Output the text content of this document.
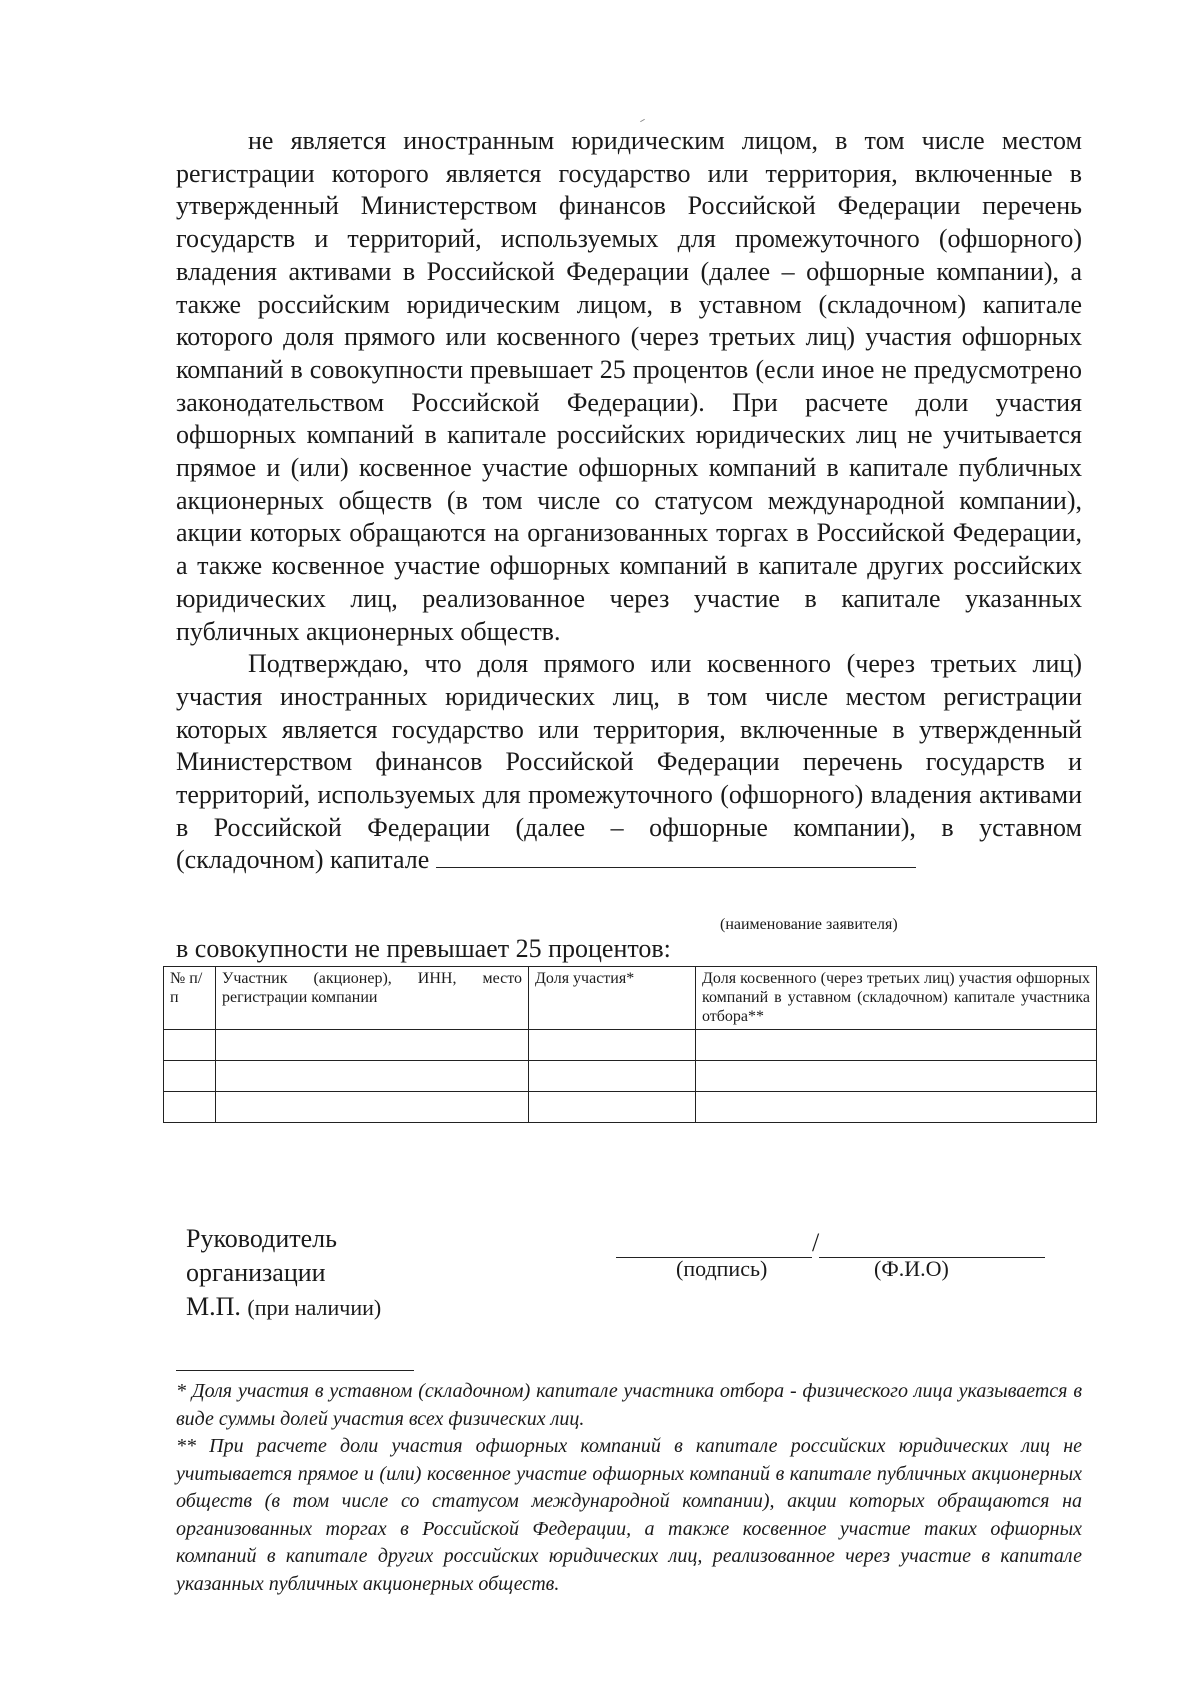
не является иностранным юридическим лицом, в том числе местом регистрации которого является государство или территория, включенные в утвержденный Министерством финансов Российской Федерации перечень государств и территорий, используемых для промежуточного (офшорного) владения активами в Российской Федерации (далее – офшорные компании), а также российским юридическим лицом, в уставном (складочном) капитале которого доля прямого или косвенного (через третьих лиц) участия офшорных компаний в совокупности превышает 25 процентов (если иное не предусмотрено законодательством Российской Федерации). При расчете доли участия офшорных компаний в капитале российских юридических лиц не учитывается прямое и (или) косвенное участие офшорных компаний в капитале публичных акционерных обществ (в том числе со статусом международной компании), акции которых обращаются на организованных торгах в Российской Федерации, а также косвенное участие офшорных компаний в капитале других российских юридических лиц, реализованное через участие в капитале указанных публичных акционерных обществ.

Подтверждаю, что доля прямого или косвенного (через третьих лиц) участия иностранных юридических лиц, в том числе местом регистрации которых является государство или территория, включенные в утвержденный Министерством финансов Российской Федерации перечень государств и территорий, используемых для промежуточного (офшорного) владения активами в Российской Федерации (далее – офшорные компании), в уставном (складочном) капитале

(наименование заявителя)
в совокупности не превышает 25 процентов:
№ п/п	Участник (акционер), ИНН, место регистрации компании	Доля участия*	Доля косвенного (через третьих лиц) участия офшорных компаний в уставном (складочном) капитале участника отбора**

Руководитель
организации
М.П. (при наличии)
/
(подпись)	(Ф.И.О)

* Доля участия в уставном (складочном) капитале участника отбора - физического лица указывается в виде суммы долей участия всех физических лиц.

** При расчете доли участия офшорных компаний в капитале российских юридических лиц не учитывается прямое и (или) косвенное участие офшорных компаний в капитале публичных акционерных обществ (в том числе со статусом международной компании), акции которых обращаются на организованных торгах в Российской Федерации, а также косвенное участие таких офшорных компаний в капитале других российских юридических лиц, реализованное через участие в капитале указанных публичных акционерных обществ.
